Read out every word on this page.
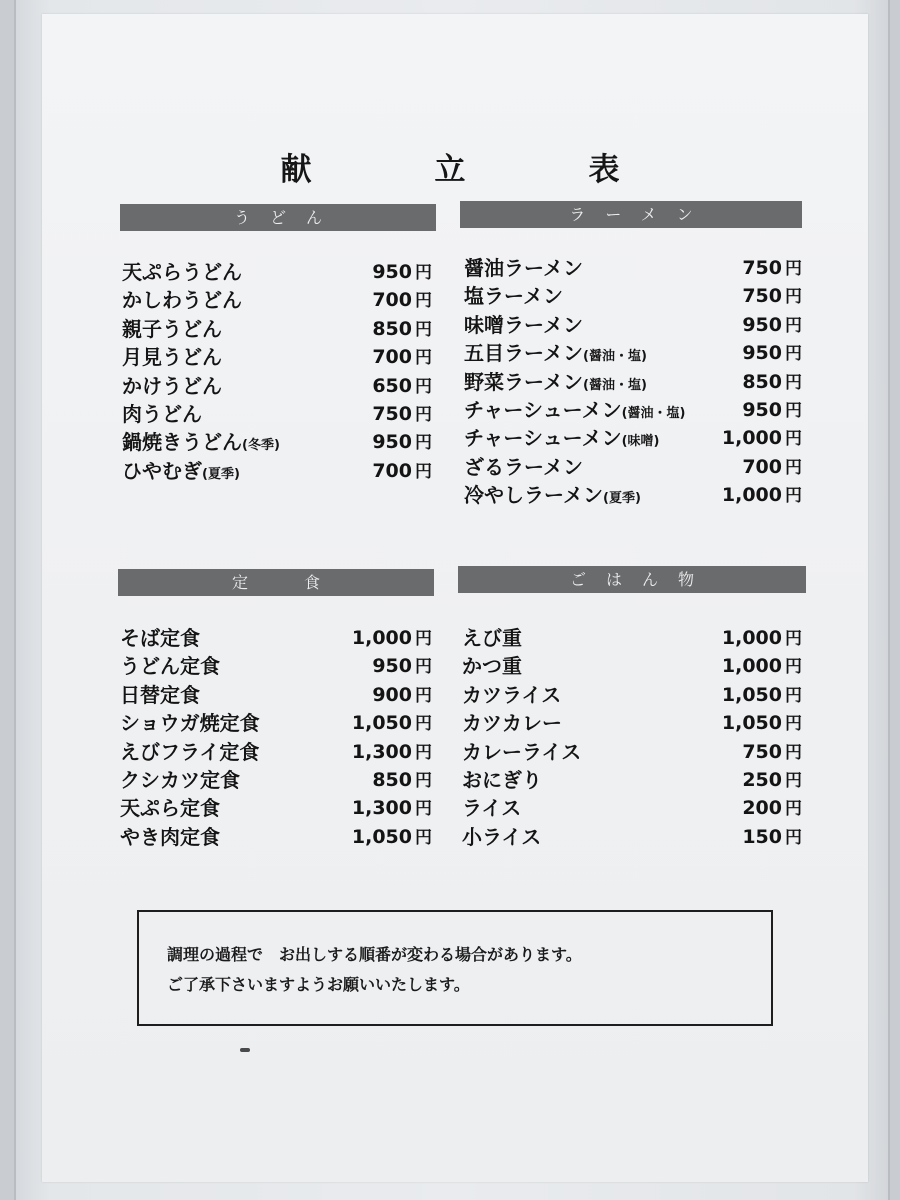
献　立　表
うどん
天ぷらうどん	950 円
かしわうどん	700 円
親子うどん	850 円
月見うどん	700 円
かけうどん	650 円
肉うどん	750 円
鍋焼きうどん(冬季)	950 円
ひやむぎ(夏季)	700 円
ラーメン
醤油ラーメン	750 円
塩ラーメン	750 円
味噌ラーメン	950 円
五目ラーメン(醤油・塩)	950 円
野菜ラーメン(醤油・塩)	850 円
チャーシューメン(醤油・塩)	950 円
チャーシューメン(味噌)	1,000 円
ざるラーメン	700 円
冷やしラーメン(夏季)	1,000 円
定　食
そば定食	1,000 円
うどん定食	950 円
日替定食	900 円
ショウガ焼定食	1,050 円
えびフライ定食	1,300 円
クシカツ定食	850 円
天ぷら定食	1,300 円
やき肉定食	1,050 円
ごはん物
えび重	1,000 円
かつ重	1,000 円
カツライス	1,050 円
カツカレー	1,050 円
カレーライス	750 円
おにぎり	250 円
ライス	200 円
小ライス	150 円

調理の過程で　お出しする順番が変わる場合があります。

ご了承下さいますようお願いいたします。
